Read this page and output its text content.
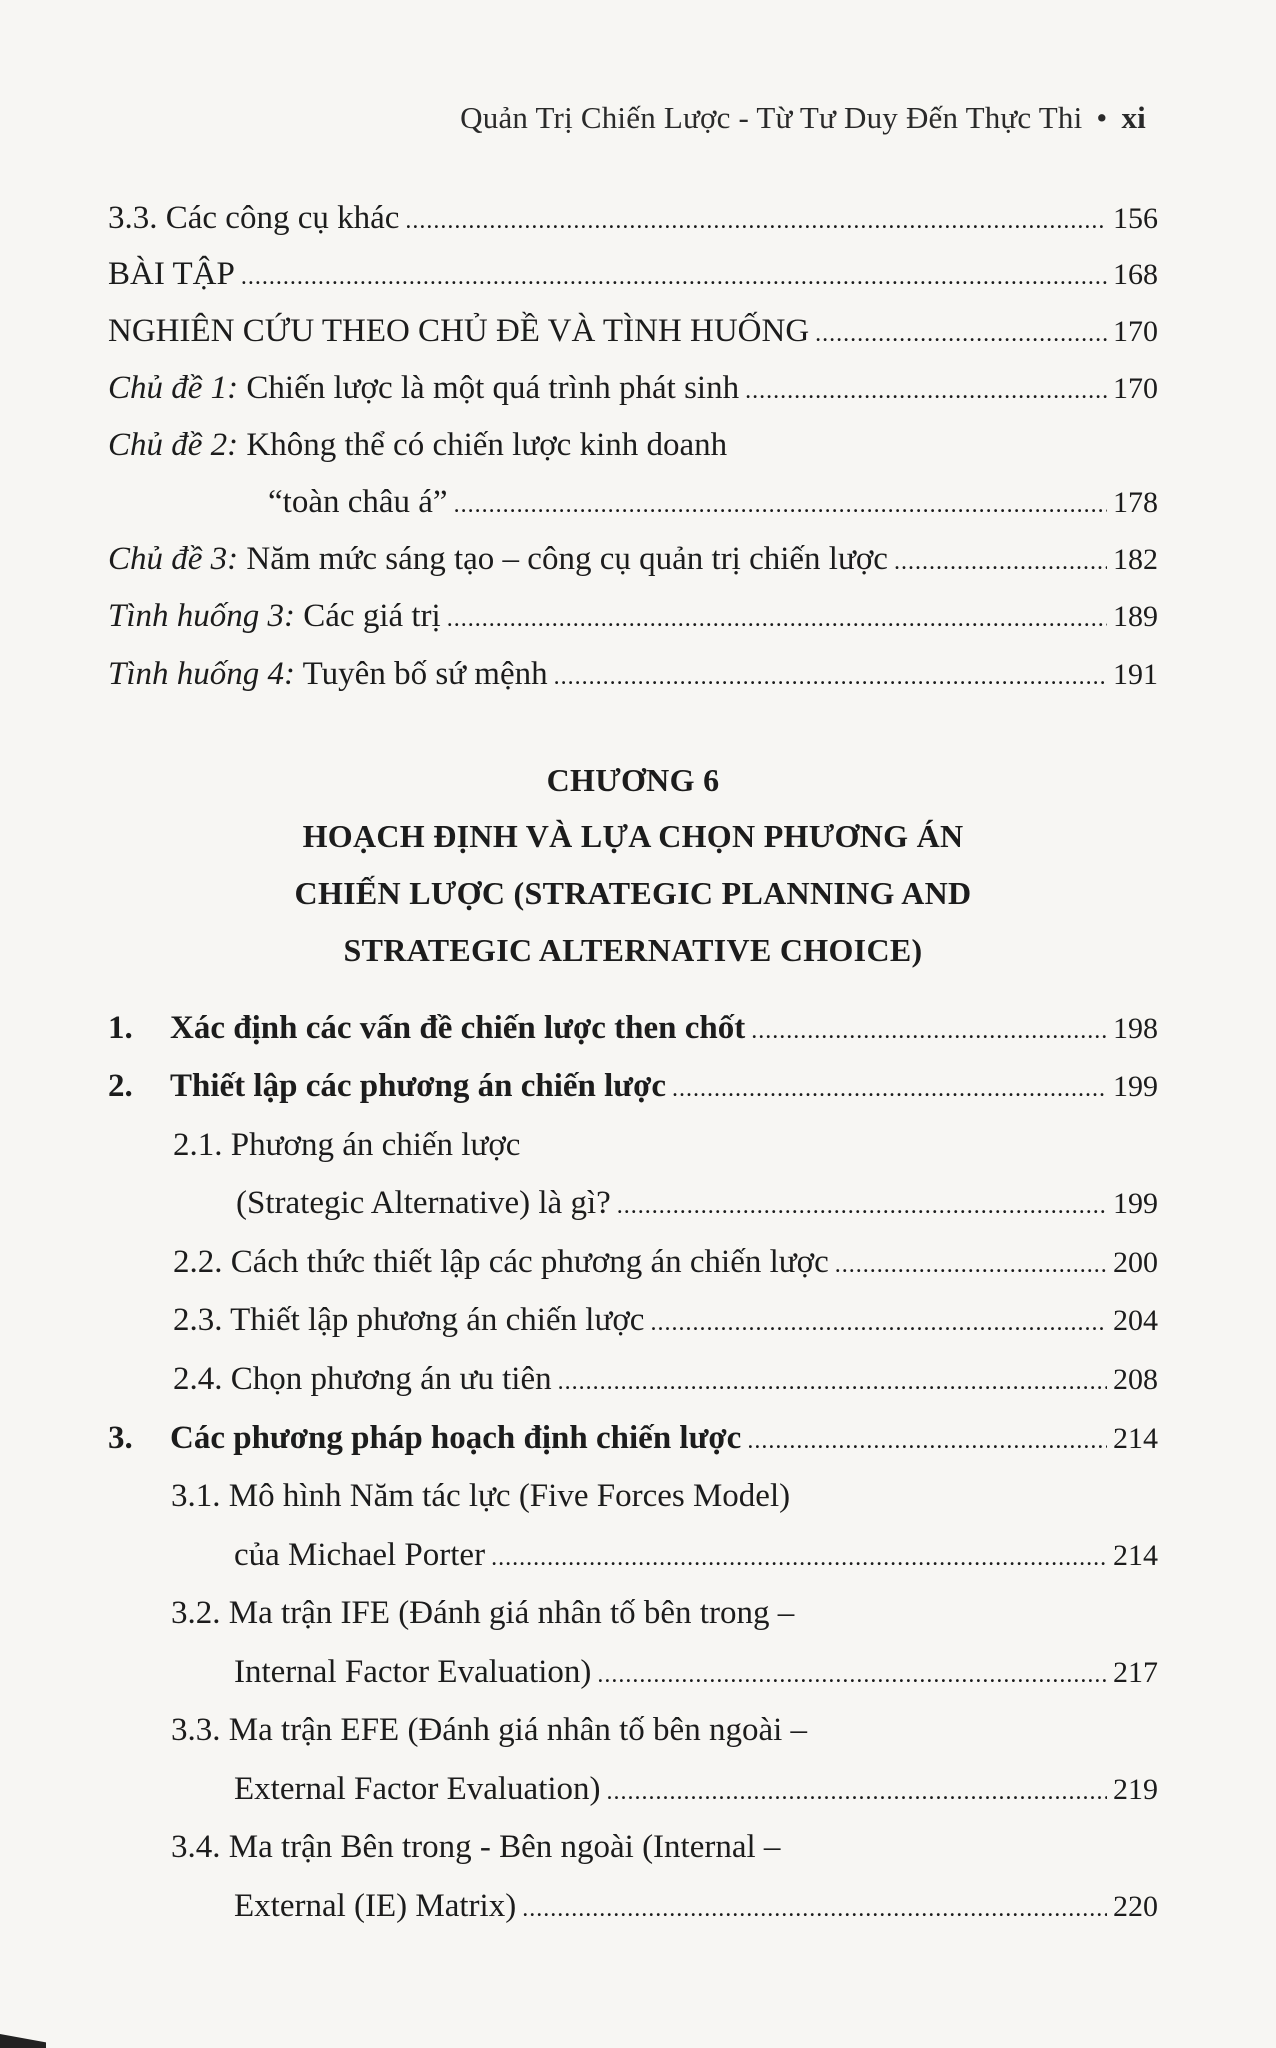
Quản Trị Chiến Lược - Từ Tư Duy Đến Thực Thi • xi
3.3. Các công cụ khác .....	156
BÀI TẬP .....	168
NGHIÊN CỨU THEO CHỦ ĐỀ VÀ TÌNH HUỐNG .....	170
Chủ đề 1: Chiến lược là một quá trình phát sinh .....	170
Chủ đề 2: Không thể có chiến lược kinh doanh
“toàn châu á” .....	178
Chủ đề 3: Năm mức sáng tạo – công cụ quản trị chiến lược .....	182
Tình huống 3: Các giá trị .....	189
Tình huống 4: Tuyên bố sứ mệnh .....	191
1. Xác định các vấn đề chiến lược then chốt .....	198
2. Thiết lập các phương án chiến lược .....	199
2.1. Phương án chiến lược
(Strategic Alternative) là gì? .....	199
2.2. Cách thức thiết lập các phương án chiến lược .....	200
2.3. Thiết lập phương án chiến lược .....	204
2.4. Chọn phương án ưu tiên .....	208
3. Các phương pháp hoạch định chiến lược .....	214
3.1. Mô hình Năm tác lực (Five Forces Model)
của Michael Porter .....	214
3.2. Ma trận IFE (Đánh giá nhân tố bên trong –
Internal Factor Evaluation) .....	217
3.3. Ma trận EFE (Đánh giá nhân tố bên ngoài –
External Factor Evaluation) .....	219
3.4. Ma trận Bên trong - Bên ngoài (Internal –
External (IE) Matrix) .....	220
CHƯƠNG 6
HOẠCH ĐỊNH VÀ LỰA CHỌN PHƯƠNG ÁN
CHIẾN LƯỢC (STRATEGIC PLANNING AND
STRATEGIC ALTERNATIVE CHOICE)
